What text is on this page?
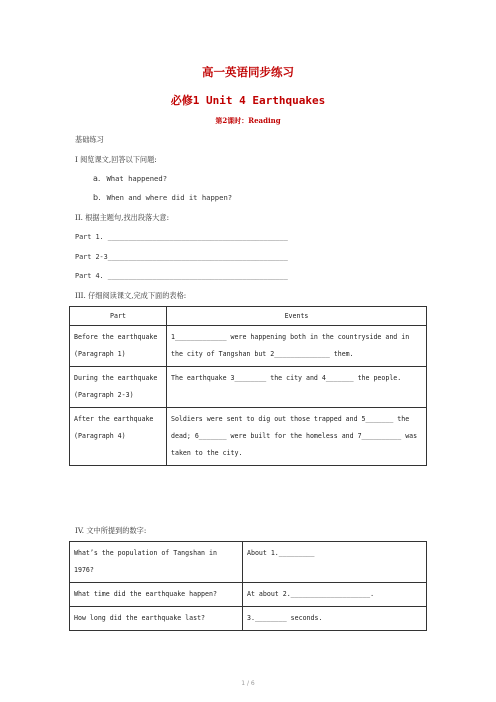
高一英语同步练习
必修1 Unit 4 Earthquakes
第2课时：Reading
基础练习
I 阅览课文,回答以下问题:
a. What happened?
b. When and where did it happen?
II. 根据主题句,找出段落大意:
Part 1. ____________________________________________
Part 2-3____________________________________________
Part 4. ____________________________________________
III. 仔细阅读课文,完成下面的表格:
Part	Events
Before the earthquake (Paragraph 1)	1_____________ were happening both in the countryside and in the city of Tangshan but 2______________ them.
During the earthquake (Paragraph 2-3)	The earthquake 3________ the city and 4_______ the people.
After the earthquake (Paragraph 4)	Soldiers were sent to dig out those trapped and 5_______ the dead; 6_______ were built for the homeless and 7__________ was taken to the city.
IV. 文中所提到的数字:
What’s the population of Tangshan in 1976?	About 1._________
What time did the earthquake happen?	At about 2.____________________.
How long did the earthquake last?	3.________ seconds.
1 / 6
